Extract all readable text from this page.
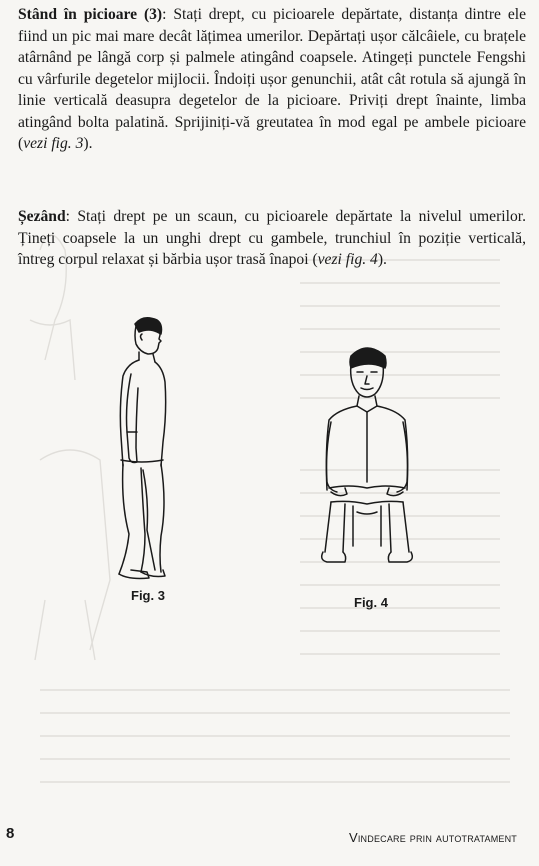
Stând în picioare (3): Stați drept, cu picioarele depărtate, distanța dintre ele fiind un pic mai mare decât lățimea umerilor. Depărtați ușor călcâiele, cu brațele atârnând pe lângă corp și palmele atingând coapsele. Atingeți punctele Fengshi cu vârfurile degetelor mijlocii. Îndoiți ușor genunchii, atât cât rotula să ajungă în linie verticală deasupra degetelor de la picioare. Priviți drept înainte, limba atingând bolta palatină. Sprijiniți-vă greutatea în mod egal pe ambele picioare (vezi fig. 3).

Șezând: Stați drept pe un scaun, cu picioarele depărtate la nivelul umerilor. Țineți coapsele la un unghi drept cu gambele, trunchiul în poziție verticală, întreg corpul relaxat și bărbia ușor trasă înapoi (vezi fig. 4).

Fig. 3	Fig. 4
8	Vindecare prin autotratament
